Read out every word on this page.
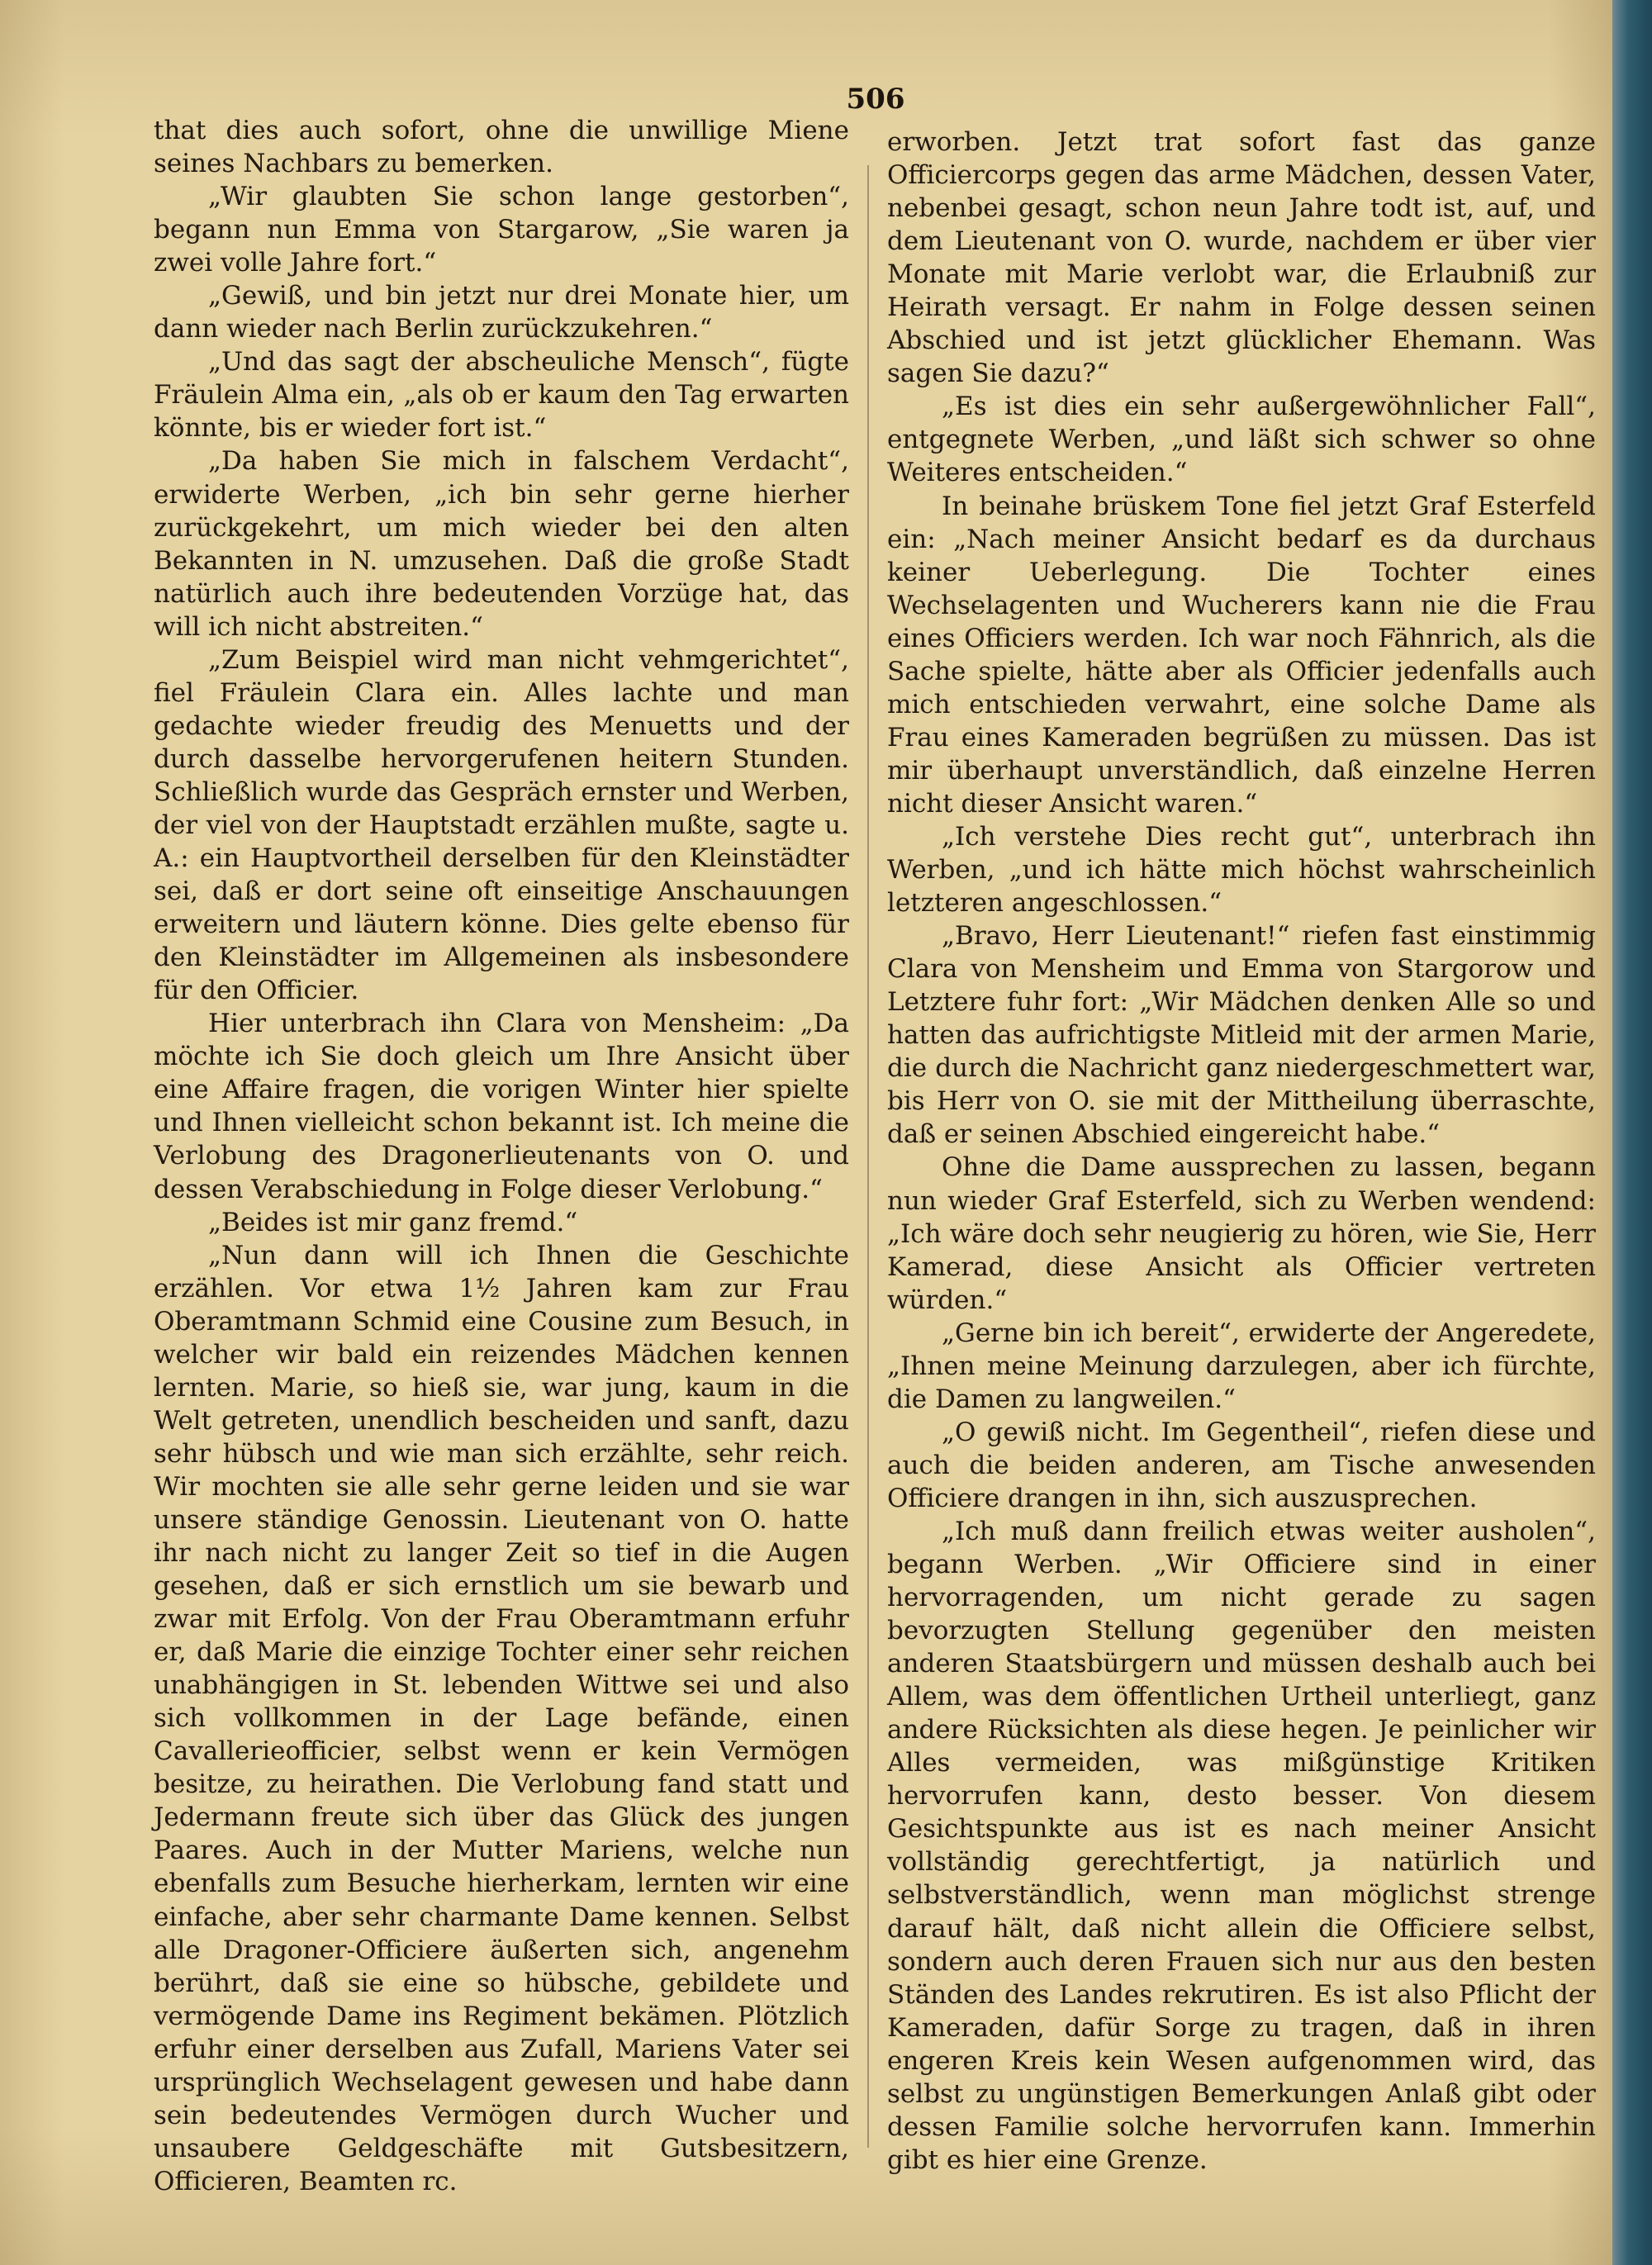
506

that dies auch sofort, ohne die unwillige Miene seines Nachbars zu bemerken.

„Wir glaubten Sie schon lange gestorben“, begann nun Emma von Stargarow, „Sie waren ja zwei volle Jahre fort.“

„Gewiß, und bin jetzt nur drei Monate hier, um dann wieder nach Berlin zurückzukehren.“

„Und das sagt der abscheuliche Mensch“, fügte Fräulein Alma ein, „als ob er kaum den Tag erwarten könnte, bis er wieder fort ist.“

„Da haben Sie mich in falschem Verdacht“, erwiderte Werben, „ich bin sehr gerne hierher zurückgekehrt, um mich wieder bei den alten Bekannten in N. umzusehen. Daß die große Stadt natürlich auch ihre bedeutenden Vorzüge hat, das will ich nicht abstreiten.“

„Zum Beispiel wird man nicht vehmgerichtet“, fiel Fräulein Clara ein. Alles lachte und man gedachte wieder freudig des Menuetts und der durch dasselbe hervorgerufenen heitern Stunden. Schließlich wurde das Gespräch ernster und Werben, der viel von der Hauptstadt erzählen mußte, sagte u. A.: ein Hauptvortheil derselben für den Kleinstädter sei, daß er dort seine oft einseitige Anschauungen erweitern und läutern könne. Dies gelte ebenso für den Kleinstädter im Allgemeinen als insbesondere für den Officier.

Hier unterbrach ihn Clara von Mensheim: „Da möchte ich Sie doch gleich um Ihre Ansicht über eine Affaire fragen, die vorigen Winter hier spielte und Ihnen vielleicht schon bekannt ist. Ich meine die Verlobung des Dragonerlieutenants von O. und dessen Verabschiedung in Folge dieser Verlobung.“

„Beides ist mir ganz fremd.“

„Nun dann will ich Ihnen die Geschichte erzählen. Vor etwa 1½ Jahren kam zur Frau Oberamtmann Schmid eine Cousine zum Besuch, in welcher wir bald ein reizendes Mädchen kennen lernten. Marie, so hieß sie, war jung, kaum in die Welt getreten, unendlich bescheiden und sanft, dazu sehr hübsch und wie man sich erzählte, sehr reich. Wir mochten sie alle sehr gerne leiden und sie war unsere ständige Genossin. Lieutenant von O. hatte ihr nach nicht zu langer Zeit so tief in die Augen gesehen, daß er sich ernstlich um sie bewarb und zwar mit Erfolg. Von der Frau Oberamtmann erfuhr er, daß Marie die einzige Tochter einer sehr reichen unabhängigen in St. lebenden Wittwe sei und also sich vollkommen in der Lage befände, einen Cavallerieofficier, selbst wenn er kein Vermögen besitze, zu heirathen. Die Verlobung fand statt und Jedermann freute sich über das Glück des jungen Paares. Auch in der Mutter Mariens, welche nun ebenfalls zum Besuche hierherkam, lernten wir eine einfache, aber sehr charmante Dame kennen. Selbst alle Dragoner-Officiere äußerten sich, angenehm berührt, daß sie eine so hübsche, gebildete und vermögende Dame ins Regiment bekämen. Plötzlich erfuhr einer derselben aus Zufall, Mariens Vater sei ursprünglich Wechselagent gewesen und habe dann sein bedeutendes Vermögen durch Wucher und unsaubere Geldgeschäfte mit Gutsbesitzern, Officieren, Beamten rc.

erworben. Jetzt trat sofort fast das ganze Officiercorps gegen das arme Mädchen, dessen Vater, nebenbei gesagt, schon neun Jahre todt ist, auf, und dem Lieutenant von O. wurde, nachdem er über vier Monate mit Marie verlobt war, die Erlaubniß zur Heirath versagt. Er nahm in Folge dessen seinen Abschied und ist jetzt glücklicher Ehemann. Was sagen Sie dazu?“

„Es ist dies ein sehr außergewöhnlicher Fall“, entgegnete Werben, „und läßt sich schwer so ohne Weiteres entscheiden.“

In beinahe brüskem Tone fiel jetzt Graf Esterfeld ein: „Nach meiner Ansicht bedarf es da durchaus keiner Ueberlegung. Die Tochter eines Wechselagenten und Wucherers kann nie die Frau eines Officiers werden. Ich war noch Fähnrich, als die Sache spielte, hätte aber als Officier jedenfalls auch mich entschieden verwahrt, eine solche Dame als Frau eines Kameraden begrüßen zu müssen. Das ist mir überhaupt unverständlich, daß einzelne Herren nicht dieser Ansicht waren.“

„Ich verstehe Dies recht gut“, unterbrach ihn Werben, „und ich hätte mich höchst wahrscheinlich letzteren angeschlossen.“

„Bravo, Herr Lieutenant!“ riefen fast einstimmig Clara von Mensheim und Emma von Stargorow und Letztere fuhr fort: „Wir Mädchen denken Alle so und hatten das aufrichtigste Mitleid mit der armen Marie, die durch die Nachricht ganz niedergeschmettert war, bis Herr von O. sie mit der Mittheilung überraschte, daß er seinen Abschied eingereicht habe.“

Ohne die Dame aussprechen zu lassen, begann nun wieder Graf Esterfeld, sich zu Werben wendend: „Ich wäre doch sehr neugierig zu hören, wie Sie, Herr Kamerad, diese Ansicht als Officier vertreten würden.“

„Gerne bin ich bereit“, erwiderte der Angeredete, „Ihnen meine Meinung darzulegen, aber ich fürchte, die Damen zu langweilen.“

„O gewiß nicht. Im Gegentheil“, riefen diese und auch die beiden anderen, am Tische anwesenden Officiere drangen in ihn, sich auszusprechen.

„Ich muß dann freilich etwas weiter ausholen“, begann Werben. „Wir Officiere sind in einer hervorragenden, um nicht gerade zu sagen bevorzugten Stellung gegenüber den meisten anderen Staatsbürgern und müssen deshalb auch bei Allem, was dem öffentlichen Urtheil unterliegt, ganz andere Rücksichten als diese hegen. Je peinlicher wir Alles vermeiden, was mißgünstige Kritiken hervorrufen kann, desto besser. Von diesem Gesichtspunkte aus ist es nach meiner Ansicht vollständig gerechtfertigt, ja natürlich und selbstverständlich, wenn man möglichst strenge darauf hält, daß nicht allein die Officiere selbst, sondern auch deren Frauen sich nur aus den besten Ständen des Landes rekrutiren. Es ist also Pflicht der Kameraden, dafür Sorge zu tragen, daß in ihren engeren Kreis kein Wesen aufgenommen wird, das selbst zu ungünstigen Bemerkungen Anlaß gibt oder dessen Familie solche hervorrufen kann. Immerhin gibt es hier eine Grenze.
